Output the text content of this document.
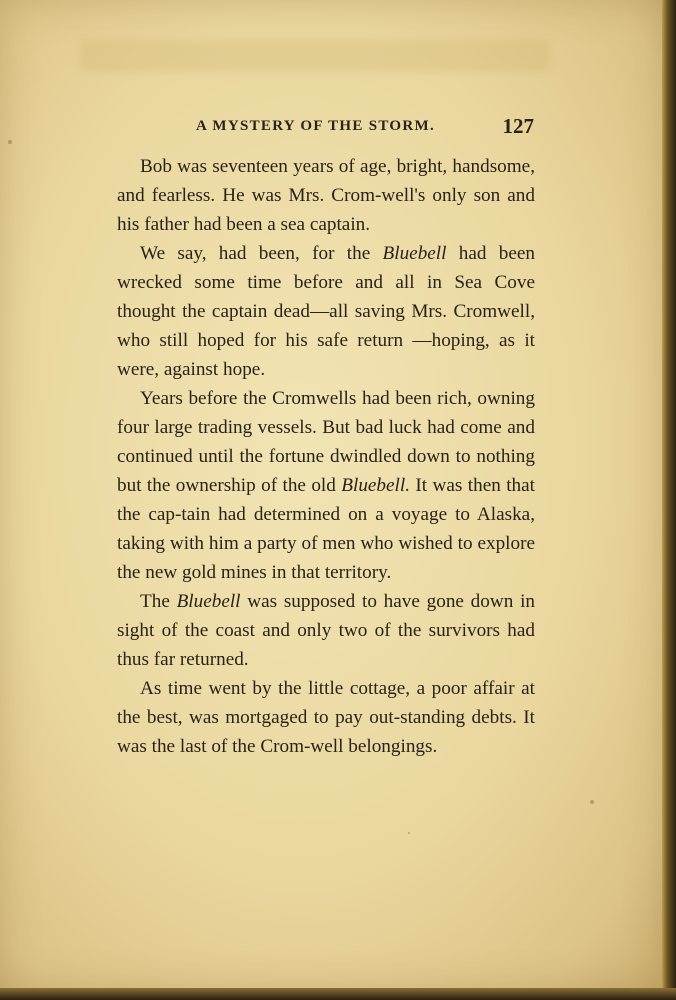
A MYSTERY OF THE STORM.	127

Bob was seventeen years of age, bright, handsome, and fearless. He was Mrs. Crom-well's only son and his father had been a sea captain.

We say, had been, for the Bluebell had been wrecked some time before and all in Sea Cove thought the captain dead—all saving Mrs. Cromwell, who still hoped for his safe return —hoping, as it were, against hope.

Years before the Cromwells had been rich, owning four large trading vessels. But bad luck had come and continued until the fortune dwindled down to nothing but the ownership of the old Bluebell. It was then that the cap-tain had determined on a voyage to Alaska, taking with him a party of men who wished to explore the new gold mines in that territory.

The Bluebell was supposed to have gone down in sight of the coast and only two of the survivors had thus far returned.

As time went by the little cottage, a poor affair at the best, was mortgaged to pay out-standing debts. It was the last of the Crom-well belongings.
